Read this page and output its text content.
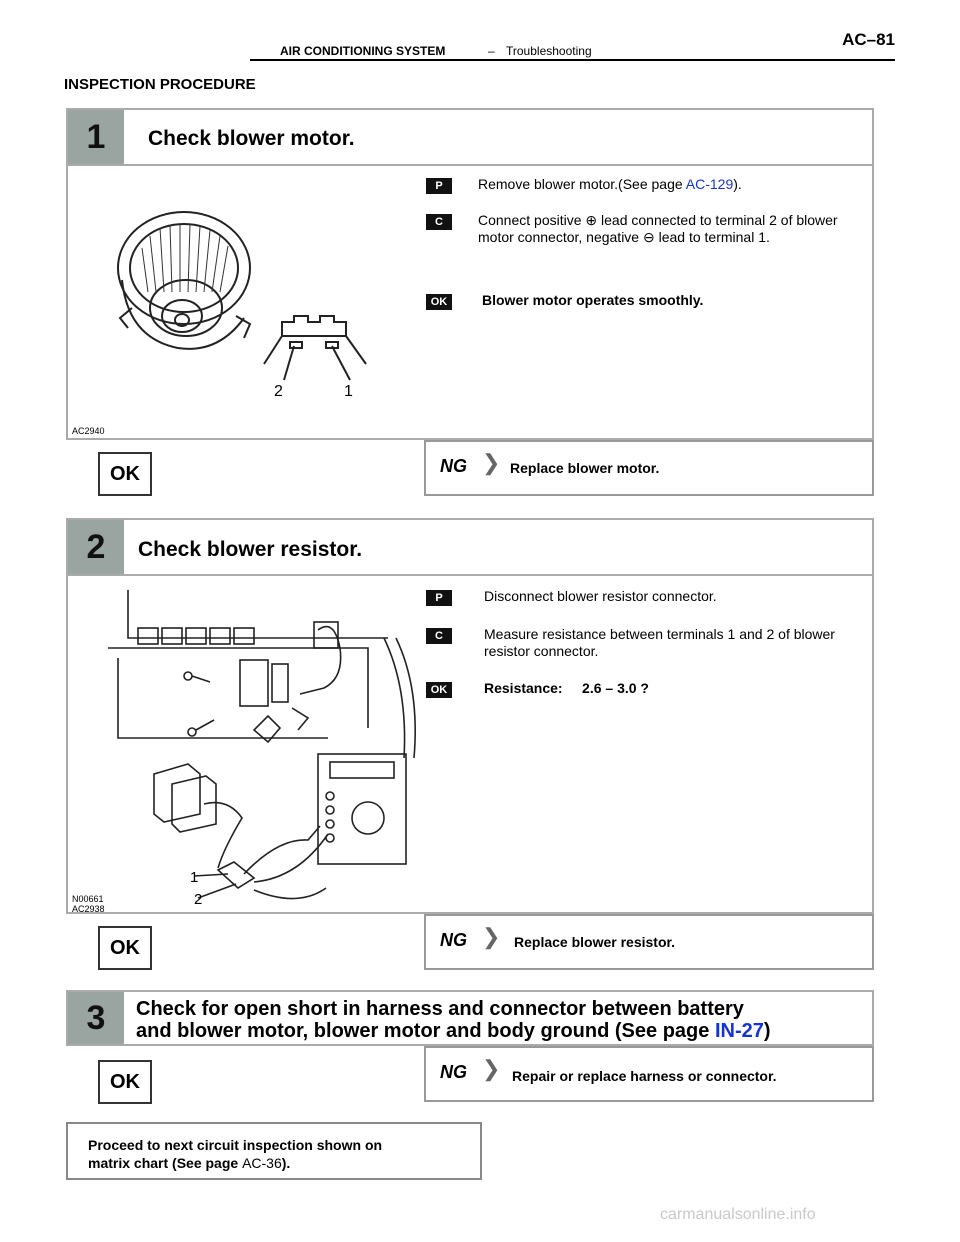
AIR CONDITIONING SYSTEM	– Troubleshooting
AC–81
INSPECTION PROCEDURE
1	Check blower motor.
2	1
AC2940
P	Remove blower motor.(See page AC-129).
C	Connect positive ⊕ lead connected to terminal 2 of blower motor connector, negative ⊖ lead to terminal 1.
OK	Blower motor operates smoothly.
OK	NG ❯ Replace blower motor.
2	Check blower resistor.
1
2
N00661 AC2938
P	Disconnect blower resistor connector.
C	Measure resistance between terminals 1 and 2 of blower resistor connector.
OK	Resistance:     2.6 – 3.0 ?
OK	NG ❯ Replace blower resistor.
3	Check for open short in harness and connector between battery
and blower motor, blower motor and body ground (See page IN-27)
OK	NG ❯ Repair or replace harness or connector.
Proceed to next circuit inspection shown on
matrix chart (See page AC-36).
carmanualsonline.info
